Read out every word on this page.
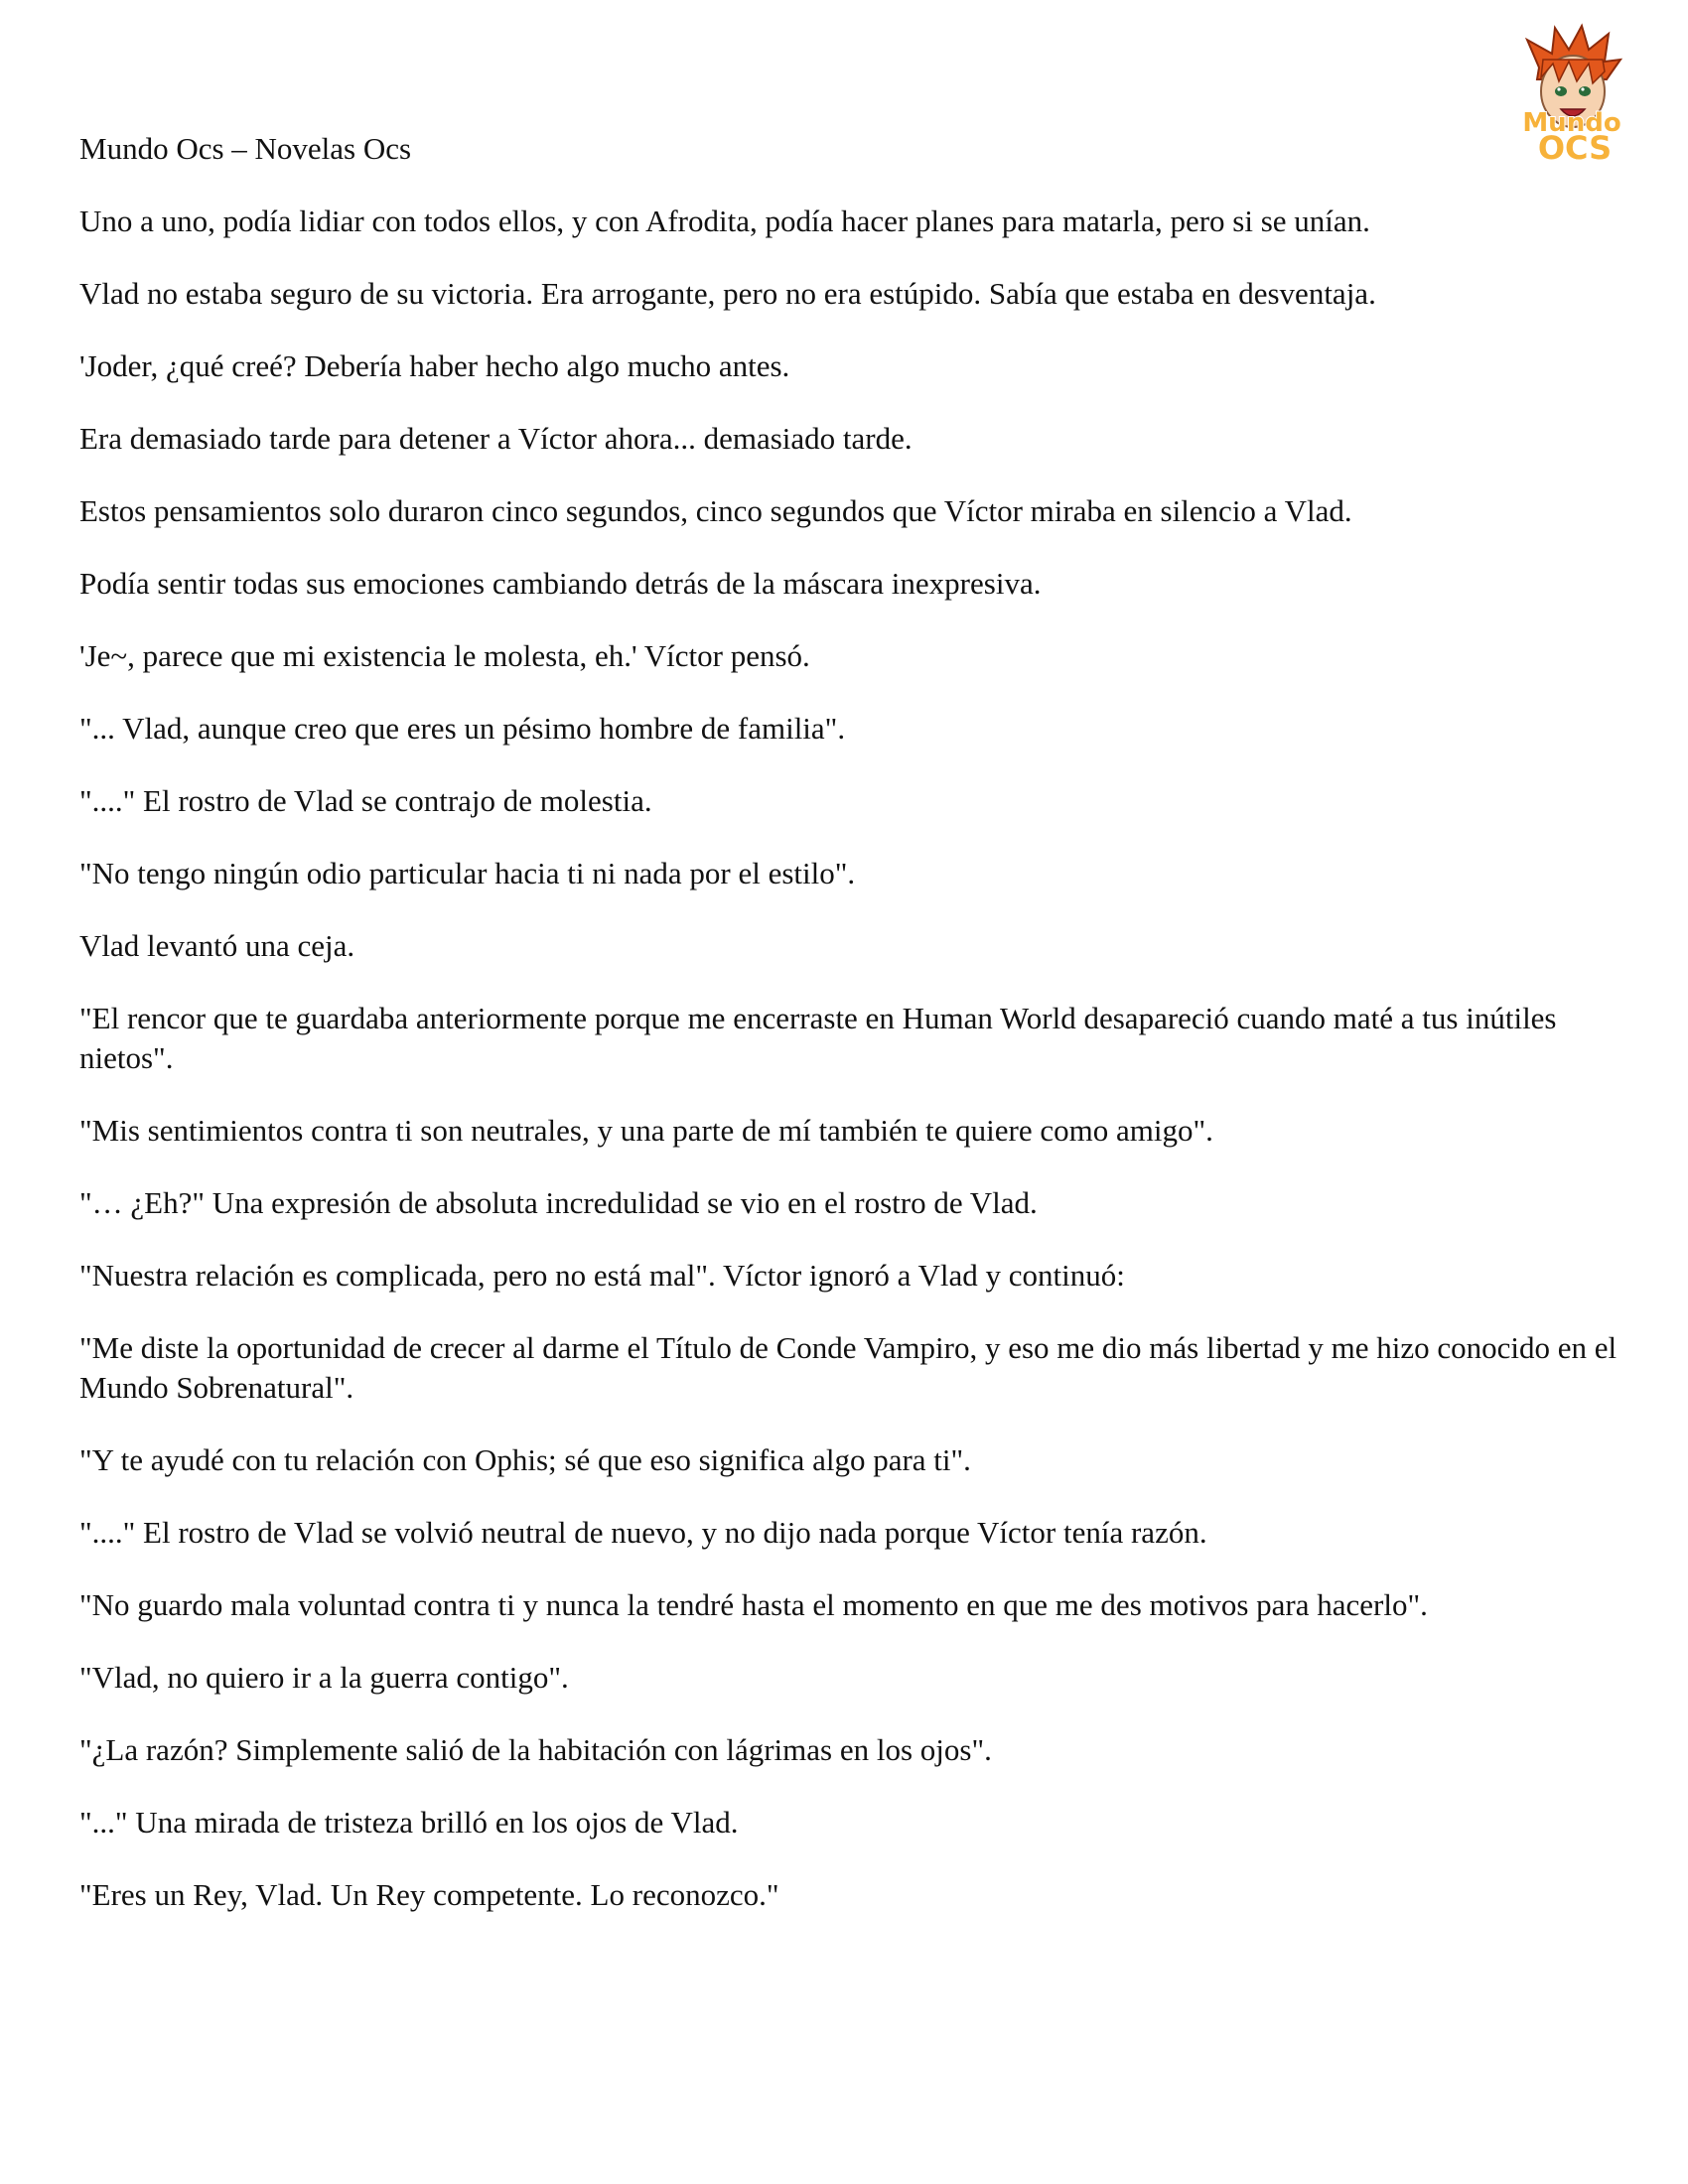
Mundo
OCS
Mundo Ocs – Novelas Ocs

Uno a uno, podía lidiar con todos ellos, y con Afrodita, podía hacer planes para matarla, pero si se unían.

Vlad no estaba seguro de su victoria. Era arrogante, pero no era estúpido. Sabía que estaba en desventaja.

'Joder, ¿qué creé? Debería haber hecho algo mucho antes.

Era demasiado tarde para detener a Víctor ahora... demasiado tarde.

Estos pensamientos solo duraron cinco segundos, cinco segundos que Víctor miraba en silencio a Vlad.

Podía sentir todas sus emociones cambiando detrás de la máscara inexpresiva.

'Je~, parece que mi existencia le molesta, eh.' Víctor pensó.

"... Vlad, aunque creo que eres un pésimo hombre de familia".

"...." El rostro de Vlad se contrajo de molestia.

"No tengo ningún odio particular hacia ti ni nada por el estilo".

Vlad levantó una ceja.

"El rencor que te guardaba anteriormente porque me encerraste en Human World desapareció cuando maté a tus inútiles nietos".

"Mis sentimientos contra ti son neutrales, y una parte de mí también te quiere como amigo".

"… ¿Eh?" Una expresión de absoluta incredulidad se vio en el rostro de Vlad.

"Nuestra relación es complicada, pero no está mal". Víctor ignoró a Vlad y continuó:

"Me diste la oportunidad de crecer al darme el Título de Conde Vampiro, y eso me dio más libertad y me hizo conocido en el Mundo Sobrenatural".

"Y te ayudé con tu relación con Ophis; sé que eso significa algo para ti".

"...." El rostro de Vlad se volvió neutral de nuevo, y no dijo nada porque Víctor tenía razón.

"No guardo mala voluntad contra ti y nunca la tendré hasta el momento en que me des motivos para hacerlo".

"Vlad, no quiero ir a la guerra contigo".

"¿La razón? Simplemente salió de la habitación con lágrimas en los ojos".

"..." Una mirada de tristeza brilló en los ojos de Vlad.

"Eres un Rey, Vlad. Un Rey competente. Lo reconozco."
